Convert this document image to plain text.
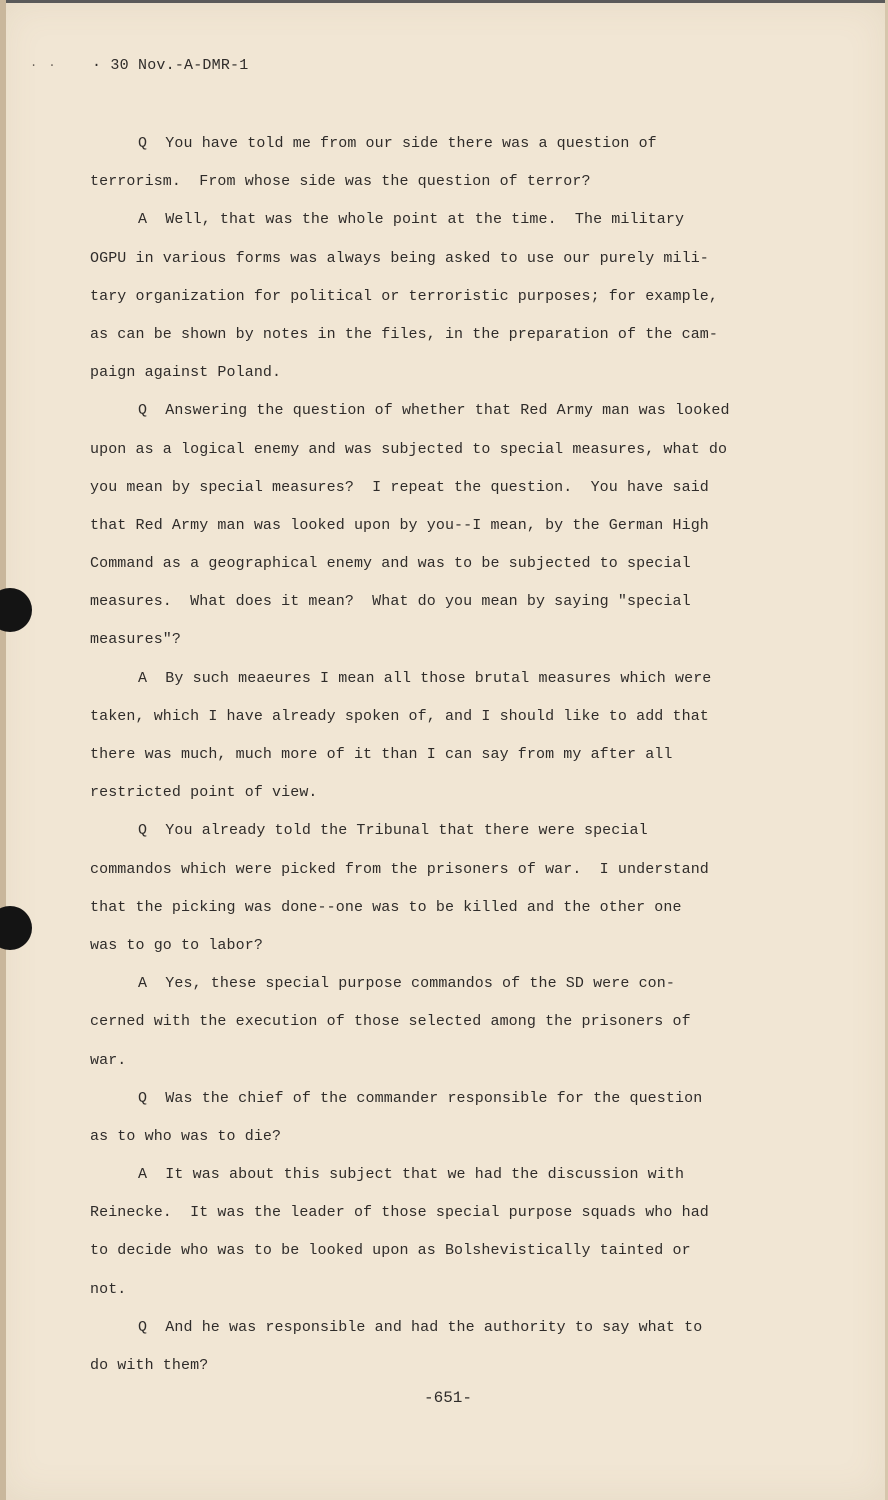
. . · 30 Nov.-A-DMR-1
Q  You have told me from our side there was a question of
terrorism.  From whose side was the question of terror?
A  Well, that was the whole point at the time.  The military
OGPU in various forms was always being asked to use our purely mili-
tary organization for political or terroristic purposes; for example,
as can be shown by notes in the files, in the preparation of the cam-
paign against Poland.
Q  Answering the question of whether that Red Army man was looked
upon as a logical enemy and was subjected to special measures, what do
you mean by special measures?  I repeat the question.  You have said
that Red Army man was looked upon by you--I mean, by the German High
Command as a geographical enemy and was to be subjected to special
measures.  What does it mean?  What do you mean by saying "special
measures"?
A  By such meaeures I mean all those brutal measures which were
taken, which I have already spoken of, and I should like to add that
there was much, much more of it than I can say from my after all
restricted point of view.
Q  You already told the Tribunal that there were special
commandos which were picked from the prisoners of war.  I understand
that the picking was done--one was to be killed and the other one
was to go to labor?
A  Yes, these special purpose commandos of the SD were con-
cerned with the execution of those selected among the prisoners of
war.
Q  Was the chief of the commander responsible for the question
as to who was to die?
A  It was about this subject that we had the discussion with
Reinecke.  It was the leader of those special purpose squads who had
to decide who was to be looked upon as Bolshevistically tainted or
not.
Q  And he was responsible and had the authority to say what to
do with them?
-651-
